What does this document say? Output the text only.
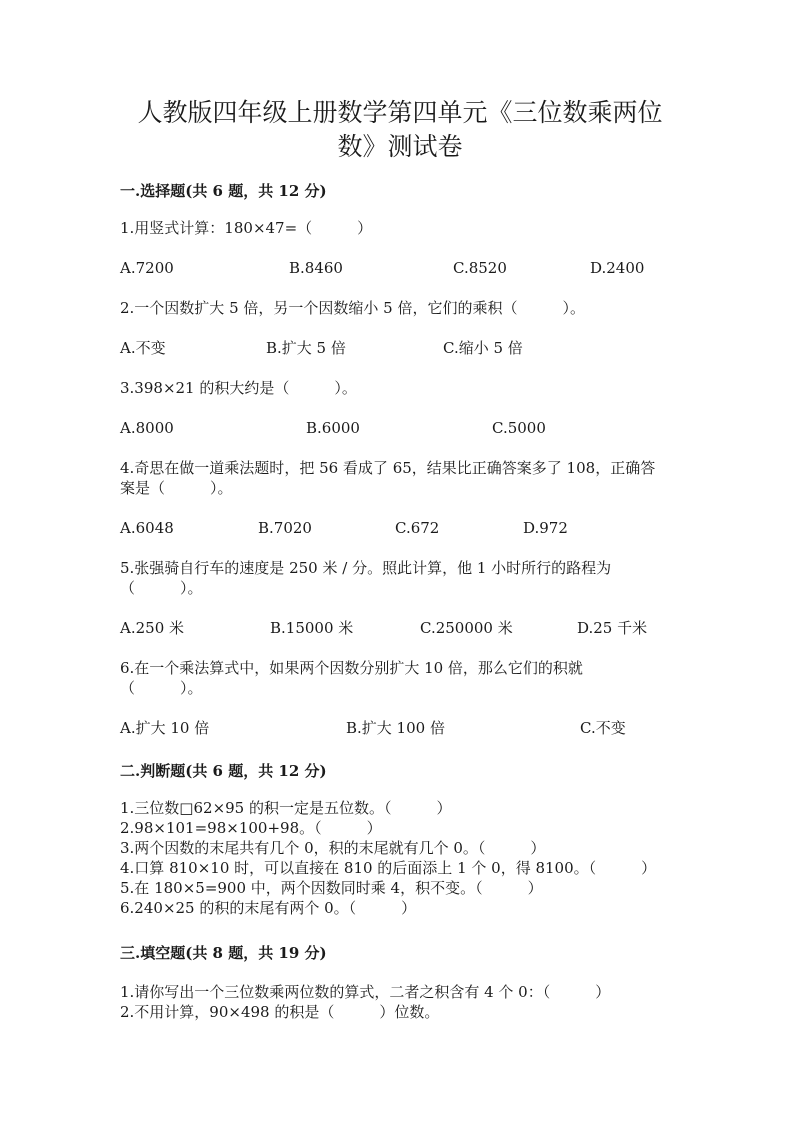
人教版四年级上册数学第四单元《三位数乘两位
数》测试卷
一.选择题(共 6 题，共 12 分)
1.用竖式计算：180×47=（　　　）
A.7200	B.8460	C.8520	D.2400
2.一个因数扩大 5 倍，另一个因数缩小 5 倍，它们的乘积（　　　）。
A.不变	B.扩大 5 倍	C.缩小 5 倍
3.398×21 的积大约是（　　　）。
A.8000	B.6000	C.5000
4.奇思在做一道乘法题时，把 56 看成了 65，结果比正确答案多了 108，正确答
案是（　　　）。
A.6048	B.7020	C.672	D.972
5.张强骑自行车的速度是 250 米 / 分。照此计算，他 1 小时所行的路程为
（　　　）。
A.250 米	B.15000 米	C.250000 米	D.25 千米
6.在一个乘法算式中，如果两个因数分别扩大 10 倍，那么它们的积就
（　　　）。
A.扩大 10 倍	B.扩大 100 倍	C.不变
二.判断题(共 6 题，共 12 分)
1.三位数□62×95 的积一定是五位数。（　　　）
2.98×101=98×100+98。（　　　）
3.两个因数的末尾共有几个 0，积的末尾就有几个 0。（　　　）
4.口算 810×10 时，可以直接在 810 的后面添上 1 个 0，得 8100。（　　　）
5.在 180×5=900 中，两个因数同时乘 4，积不变。（　　　）
6.240×25 的积的末尾有两个 0。（　　　）
三.填空题(共 8 题，共 19 分)
1.请你写出一个三位数乘两位数的算式，二者之积含有 4 个 0：（　　　）
2.不用计算，90×498 的积是（　　　）位数。
